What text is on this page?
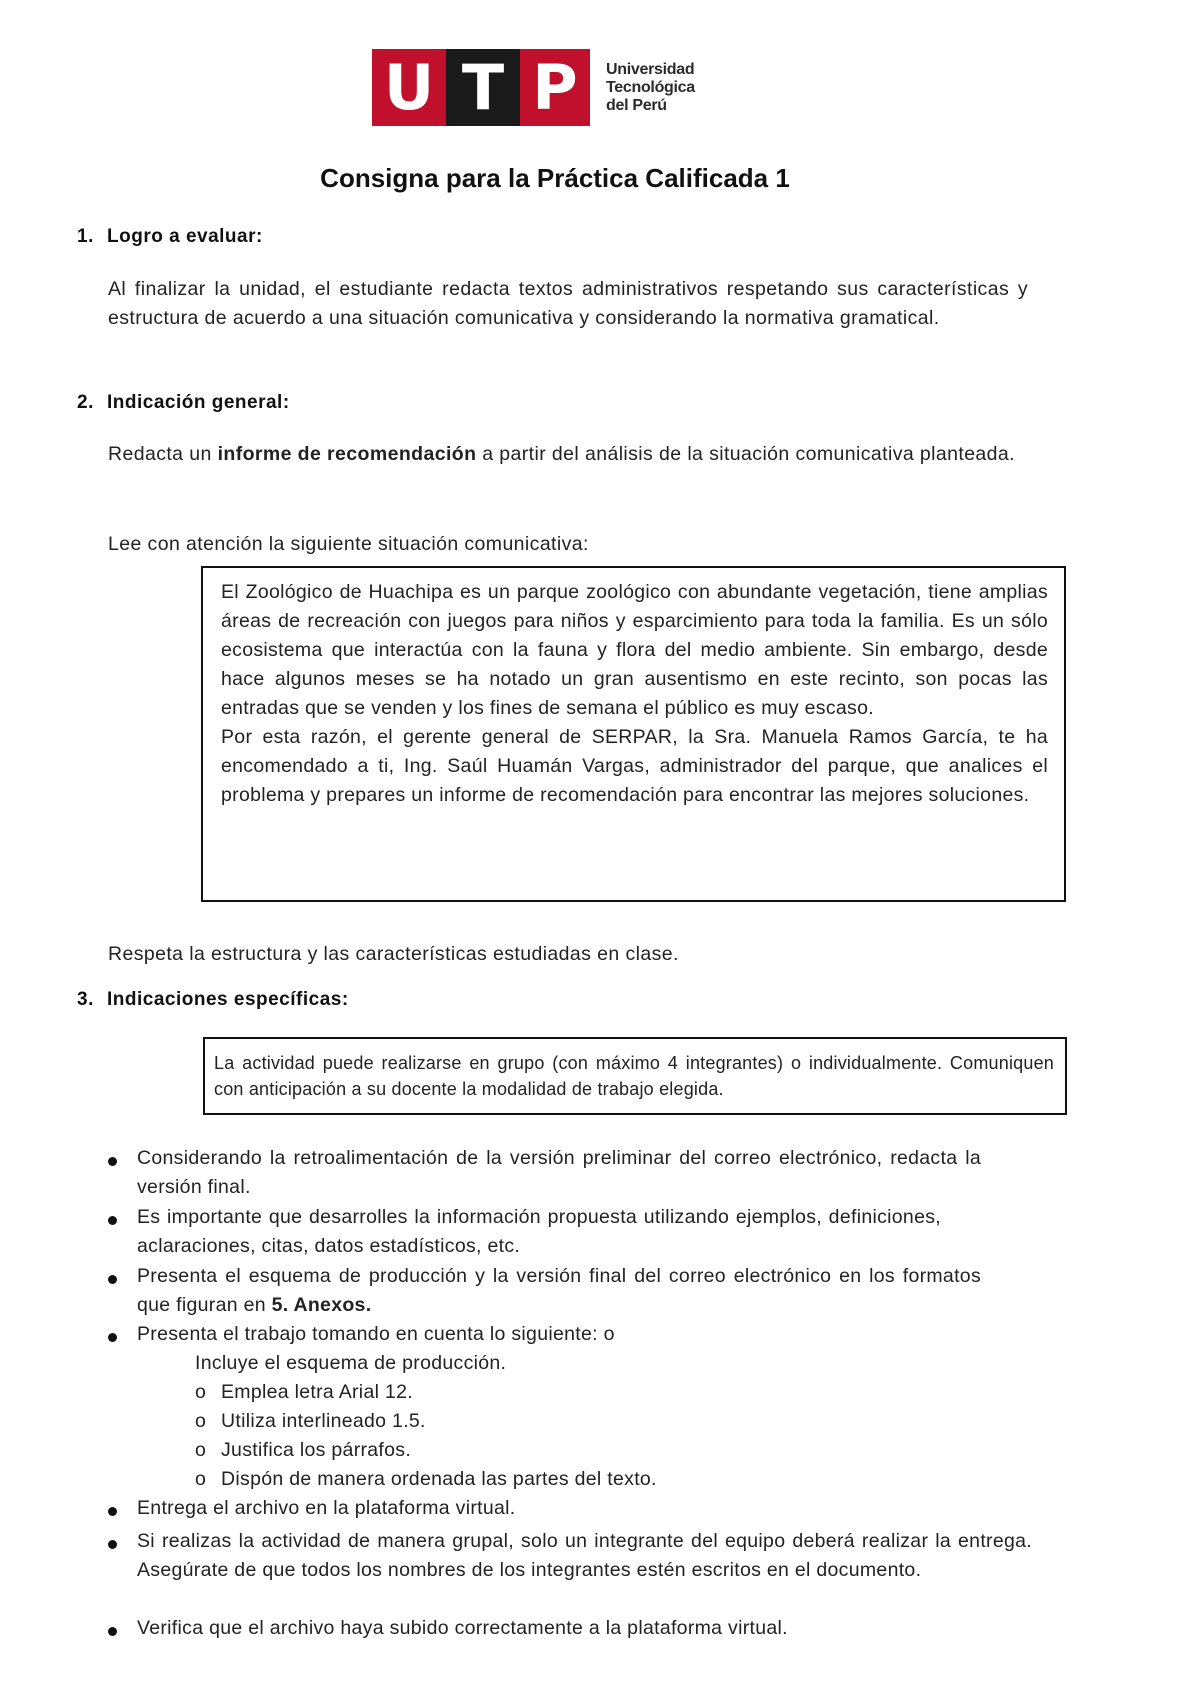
U T P	Universidad
Tecnológica
del Perú
Consigna para la Práctica Calificada 1
1. Logro a evaluar:
Al finalizar la unidad, el estudiante redacta textos administrativos respetando sus características y estructura de acuerdo a una situación comunicativa y considerando la normativa gramatical.
2. Indicación general:
Redacta un informe de recomendación a partir del análisis de la situación comunicativa planteada.
Lee con atención la siguiente situación comunicativa:
El Zoológico de Huachipa es un parque zoológico con abundante vegetación, tiene amplias áreas de recreación con juegos para niños y esparcimiento para toda la familia. Es un sólo ecosistema que interactúa con la fauna y flora del medio ambiente. Sin embargo, desde hace algunos meses se ha notado un gran ausentismo en este recinto, son pocas las entradas que se venden y los fines de semana el público es muy escaso.
Por esta razón, el gerente general de SERPAR, la Sra. Manuela Ramos García, te ha encomendado a ti, Ing. Saúl Huamán Vargas, administrador del parque, que analices el problema y prepares un informe de recomendación para encontrar las mejores soluciones.
Respeta la estructura y las características estudiadas en clase.
3. Indicaciones específicas:
La actividad puede realizarse en grupo (con máximo 4 integrantes) o individualmente. Comuniquen con anticipación a su docente la modalidad de trabajo elegida.
Considerando la retroalimentación de la versión preliminar del correo electrónico, redacta la versión final.
Es importante que desarrolles la información propuesta utilizando ejemplos, definiciones, aclaraciones, citas, datos estadísticos, etc.
Presenta el esquema de producción y la versión final del correo electrónico en los formatos que figuran en 5. Anexos.
Presenta el trabajo tomando en cuenta lo siguiente: o
Incluye el esquema de producción.
o Emplea letra Arial 12.
o Utiliza interlineado 1.5.
o Justifica los párrafos.
o Dispón de manera ordenada las partes del texto.
Entrega el archivo en la plataforma virtual.
Si realizas la actividad de manera grupal, solo un integrante del equipo deberá realizar la entrega. Asegúrate de que todos los nombres de los integrantes estén escritos en el documento.
Verifica que el archivo haya subido correctamente a la plataforma virtual.
